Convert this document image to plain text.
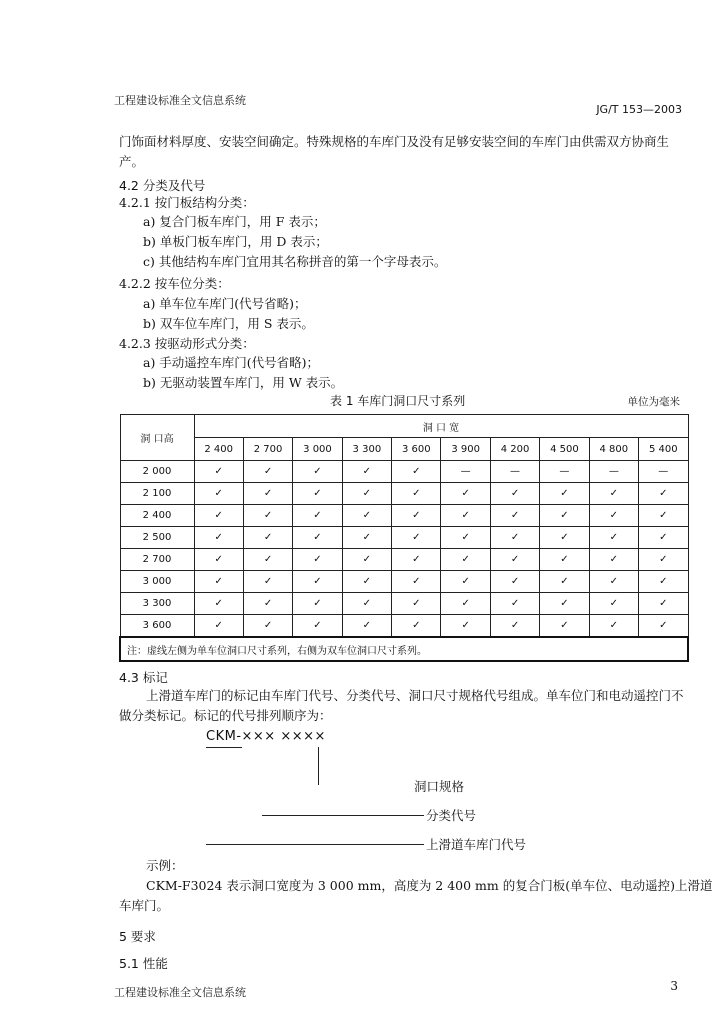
工程建设标准全文信息系统
JG/T 153—2003
门饰面材料厚度、安装空间确定。特殊规格的车库门及没有足够安装空间的车库门由供需双方协商生
产。
4.2 分类及代号
4.2.1 按门板结构分类：
a) 复合门板车库门，用 F 表示；
b) 单板门板车库门，用 D 表示；
c) 其他结构车库门宜用其名称拼音的第一个字母表示。
4.2.2 按车位分类：
a) 单车位车库门(代号省略)；
b) 双车位车库门，用 S 表示。
4.2.3 按驱动形式分类：
a) 手动遥控车库门(代号省略)；
b) 无驱动装置车库门，用 W 表示。
表 1 车库门洞口尺寸系列	单位为毫米
洞 口高	洞 口 宽									
	2 400	2 700	3 000	3 300	3 600	3 900	4 200	4 500	4 800	5 400
2 000	✓	✓	✓	✓	✓	—	—	—	—	—
2 100	✓	✓	✓	✓	✓	✓	✓	✓	✓	✓
2 400	✓	✓	✓	✓	✓	✓	✓	✓	✓	✓
2 500	✓	✓	✓	✓	✓	✓	✓	✓	✓	✓
2 700	✓	✓	✓	✓	✓	✓	✓	✓	✓	✓
3 000	✓	✓	✓	✓	✓	✓	✓	✓	✓	✓
3 300	✓	✓	✓	✓	✓	✓	✓	✓	✓	✓
3 600	✓	✓	✓	✓	✓	✓	✓	✓	✓	✓
注：虚线左侧为单车位洞口尺寸系列，右侧为双车位洞口尺寸系列。										
4.3 标记
上滑道车库门的标记由车库门代号、分类代号、洞口尺寸规格代号组成。单车位门和电动遥控门不
做分类标记。标记的代号排列顺序为：
CKM-××× ××××
洞口规格
分类代号
上滑道车库门代号
示例：
CKM-F3024 表示洞口宽度为 3 000 mm，高度为 2 400 mm 的复合门板(单车位、电动遥控)上滑道
车库门。
5 要求
5.1 性能
工程建设标准全文信息系统	3
